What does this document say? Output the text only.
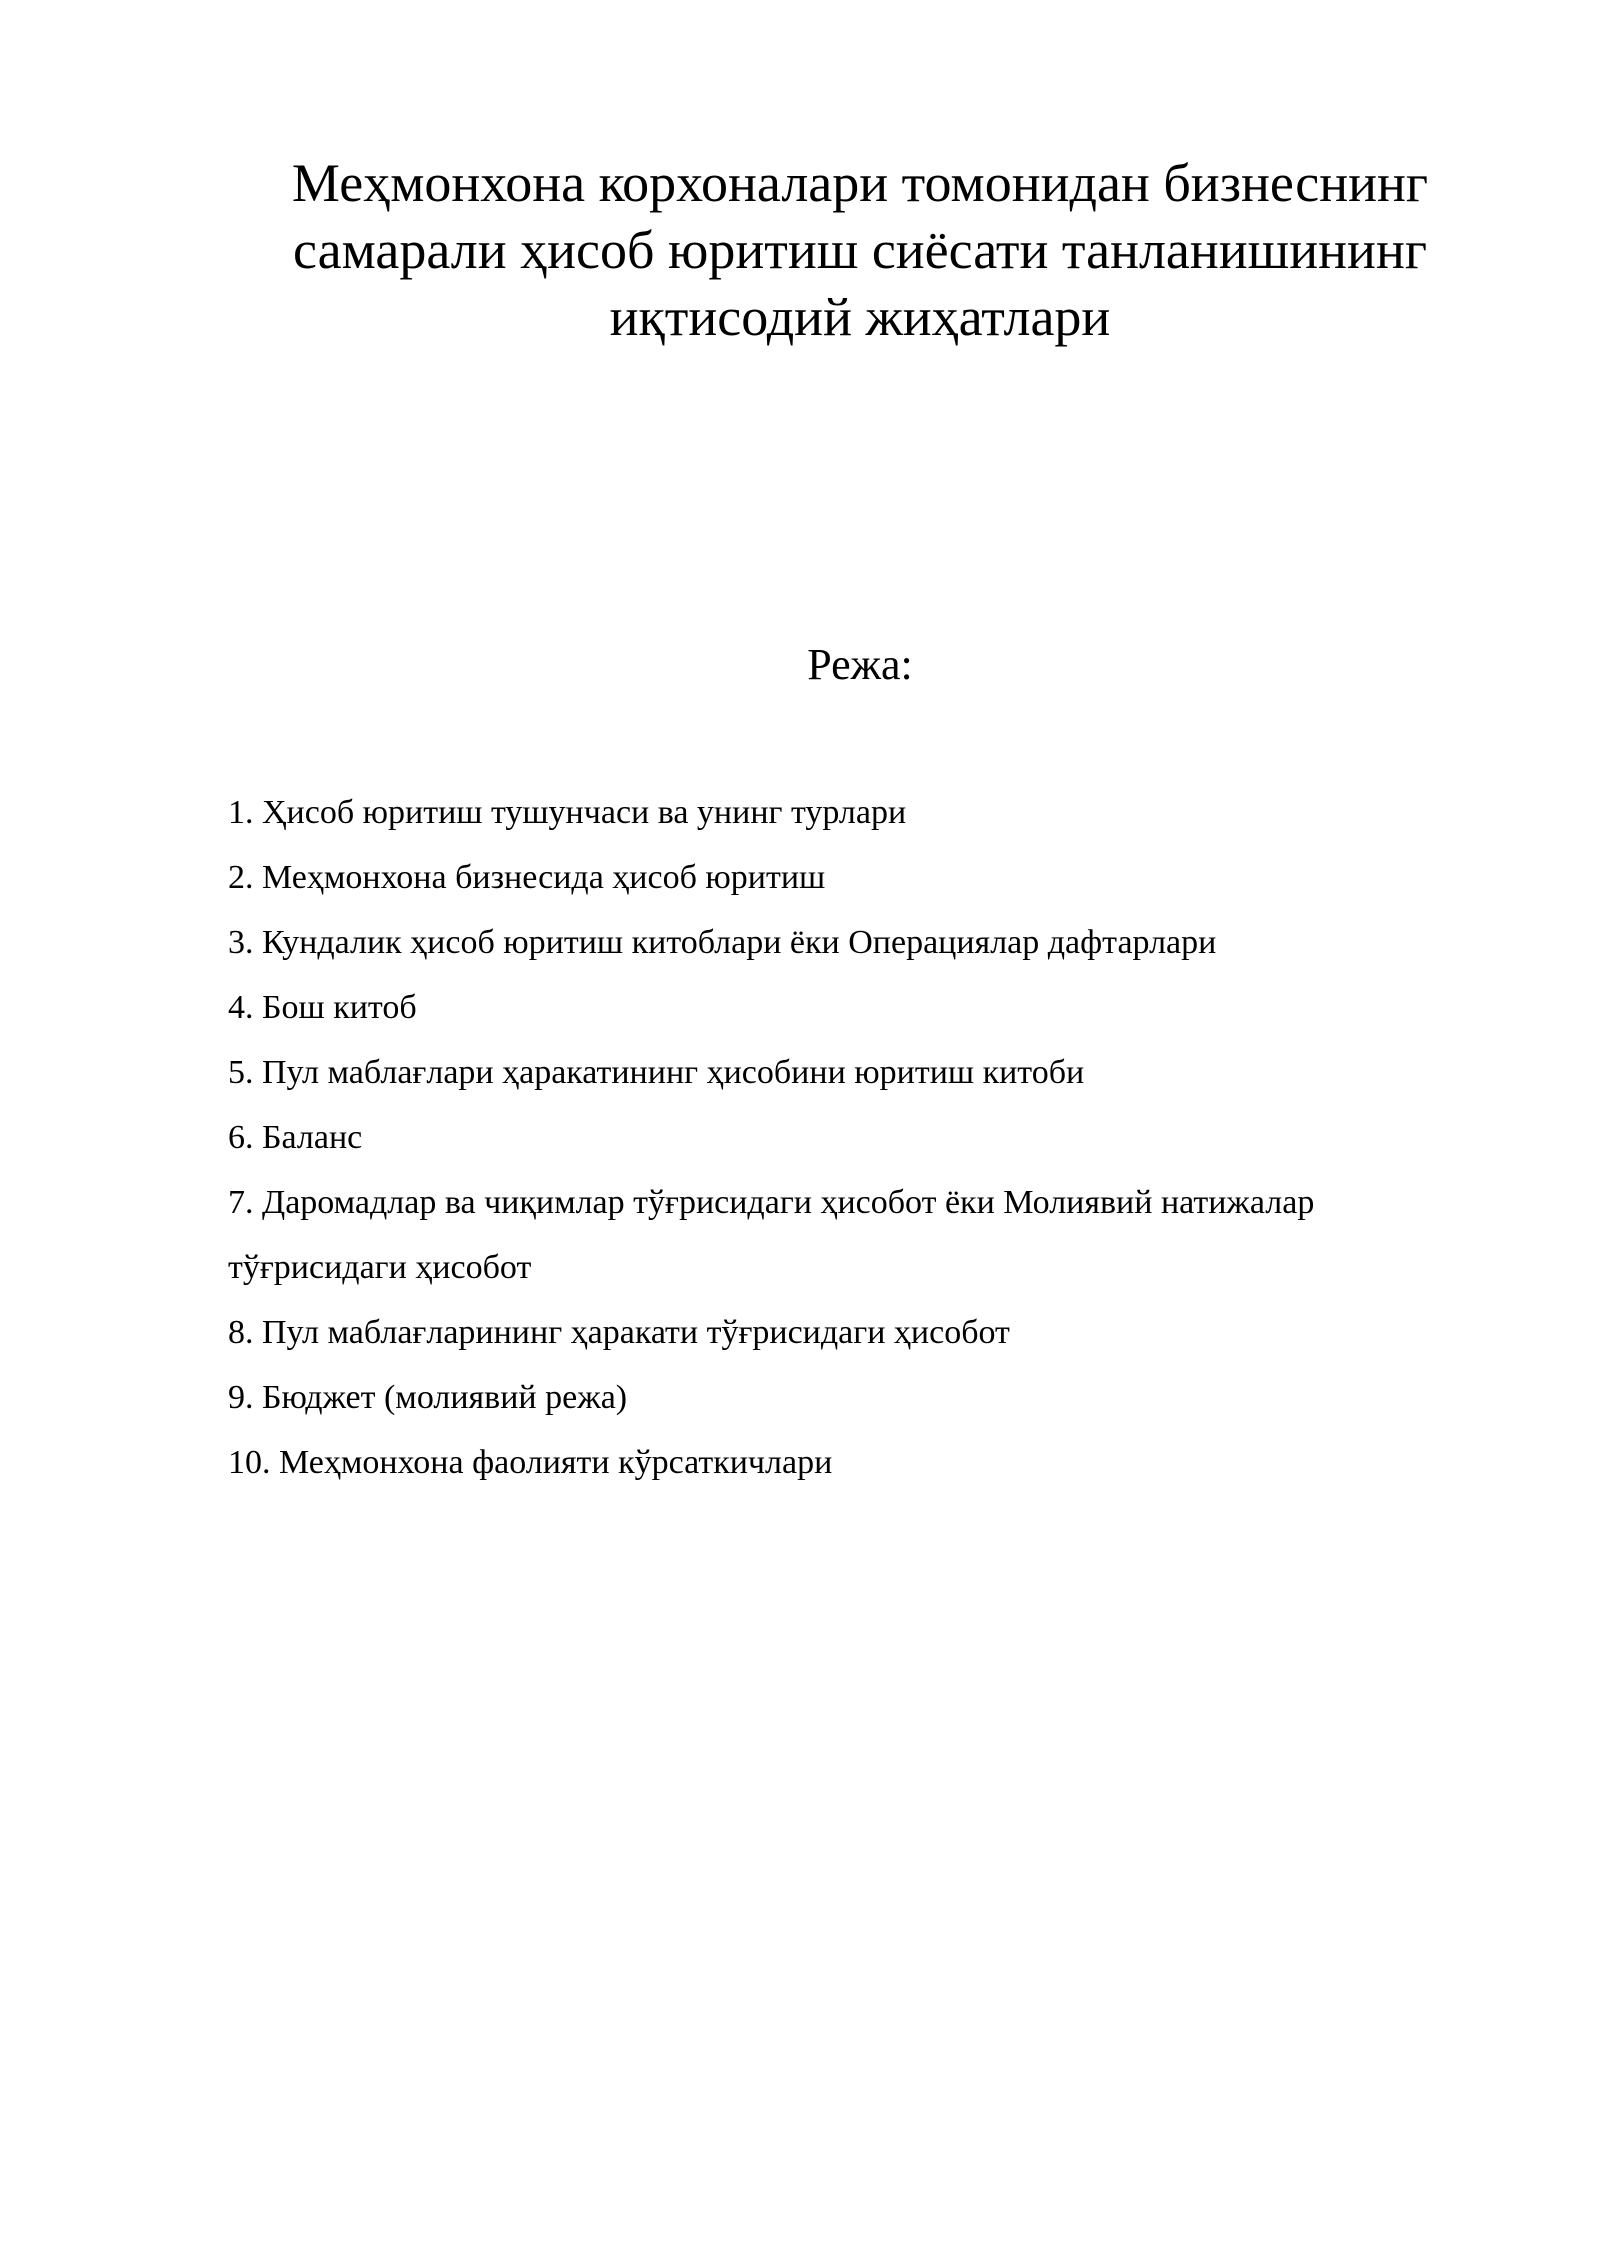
Меҳмонхона корхоналари томонидан бизнеснинг
самарали ҳисоб юритиш сиёсати танланишининг
иқтисодий жиҳатлари
Режа:
1. Ҳисоб юритиш тушунчаси ва унинг турлари
2. Меҳмонхона бизнесида ҳисоб юритиш
3. Кундалик ҳисоб юритиш китоблари ёки Операциялар дафтарлари
4. Бош китоб
5. Пул маблағлари ҳаракатининг ҳисобини юритиш китоби
6. Баланс
7. Даромадлар ва чиқимлар тўғрисидаги ҳисобот ёки Молиявий натижалар
тўғрисидаги ҳисобот
8. Пул маблағларининг ҳаракати тўғрисидаги ҳисобот
9. Бюджет (молиявий режа)
10. Меҳмонхона фаолияти кўрсаткичлари
